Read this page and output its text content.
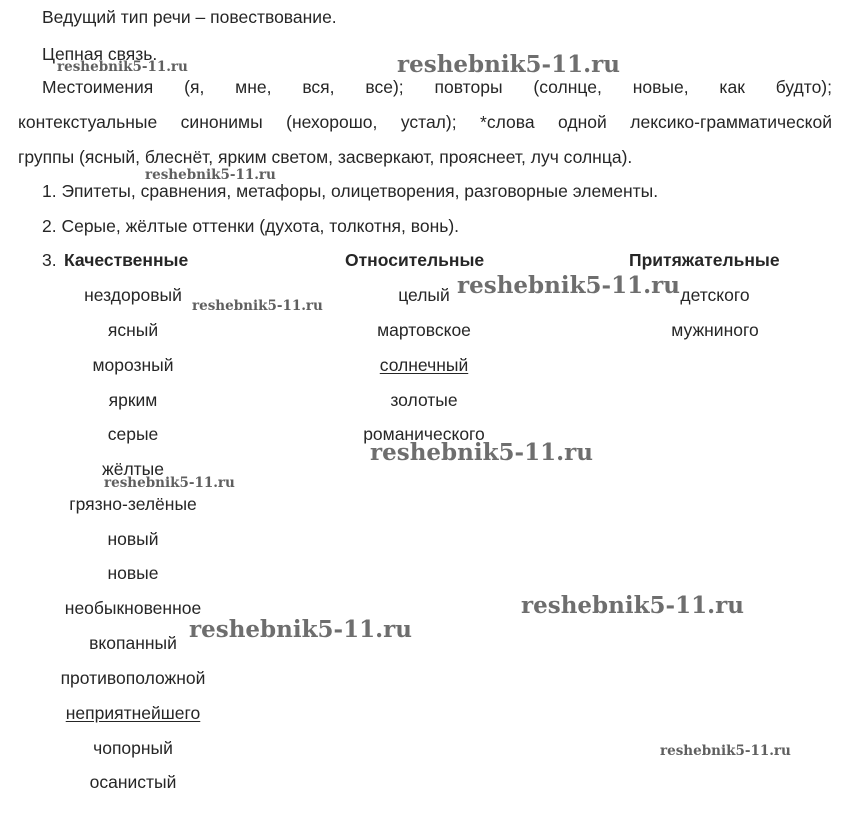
Ведущий тип речи – повествование.
Цепная связь.
Местоимения (я, мне, вся, все); повторы (солнце, новые, как будто);
контекстуальные синонимы (нехорошо, устал); *слова одной лексико-грамматической
группы (ясный, блеснёт, ярким светом, засверкают, прояснеет, луч солнца).
1. Эпитеты, сравнения, метафоры, олицетворения, разговорные элементы.
2. Серые, жёлтые оттенки (духота, толкотня, вонь).
3. Качественные	Относительные	Притяжательные
нездоровый
ясный
морозный
ярким
серые
жёлтые
грязно-зелёные
новый
новые
необыкновенное
вкопанный
противоположной
неприятнейшего
чопорный
осанистый
целый
мартовское
солнечный
золотые
романического
детского
мужниного
reshebnik5-11.ru
reshebnik5-11.ru
reshebnik5-11.ru
reshebnik5-11.ru
reshebnik5-11.ru
reshebnik5-11.ru
reshebnik5-11.ru
reshebnik5-11.ru
reshebnik5-11.ru
reshebnik5-11.ru
